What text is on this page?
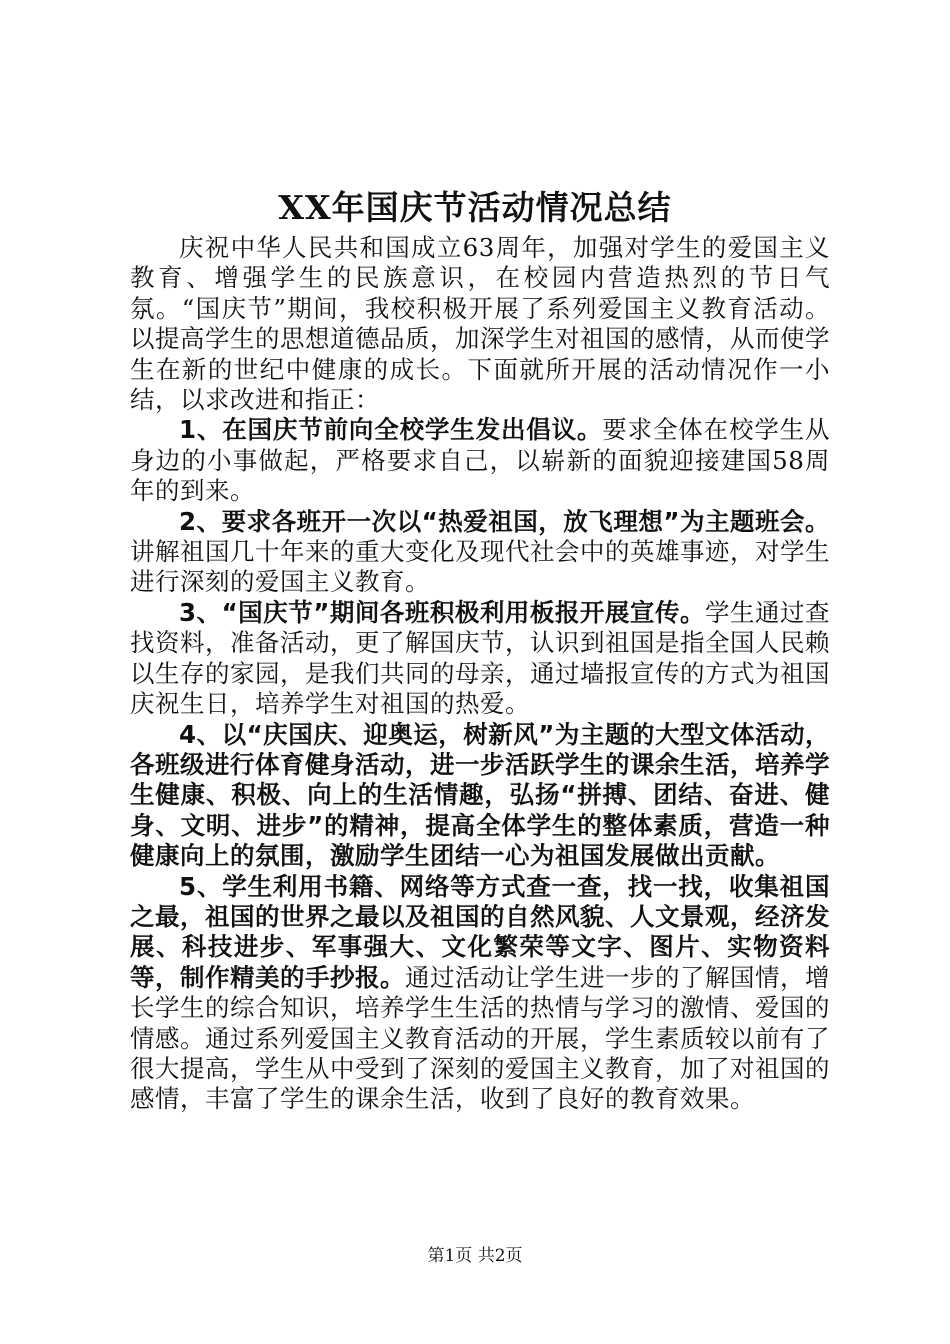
XX年国庆节活动情况总结

庆祝中华人民共和国成立63周年，加强对学生的爱国主义教育、增强学生的民族意识，在校园内营造热烈的节日气氛。“国庆节”期间，我校积极开展了系列爱国主义教育活动。以提高学生的思想道德品质，加深学生对祖国的感情，从而使学生在新的世纪中健康的成长。下面就所开展的活动情况作一小结，以求改进和指正：

1、在国庆节前向全校学生发出倡议。要求全体在校学生从身边的小事做起，严格要求自己，以崭新的面貌迎接建国58周年的到来。

2、要求各班开一次以“热爱祖国，放飞理想”为主题班会。讲解祖国几十年来的重大变化及现代社会中的英雄事迹，对学生进行深刻的爱国主义教育。

3、“国庆节”期间各班积极利用板报开展宣传。学生通过查找资料，准备活动，更了解国庆节，认识到祖国是指全国人民赖以生存的家园，是我们共同的母亲，通过墙报宣传的方式为祖国庆祝生日，培养学生对祖国的热爱。

4、以“庆国庆、迎奥运，树新风”为主题的大型文体活动，各班级进行体育健身活动，进一步活跃学生的课余生活，培养学生健康、积极、向上的生活情趣，弘扬“拼搏、团结、奋进、健身、文明、进步”的精神，提高全体学生的整体素质，营造一种健康向上的氛围，激励学生团结一心为祖国发展做出贡献。

5、学生利用书籍、网络等方式查一查，找一找，收集祖国之最，祖国的世界之最以及祖国的自然风貌、人文景观，经济发展、科技进步、军事强大、文化繁荣等文字、图片、实物资料等，制作精美的手抄报。通过活动让学生进一步的了解国情，增长学生的综合知识，培养学生生活的热情与学习的激情、爱国的情感。通过系列爱国主义教育活动的开展，学生素质较以前有了很大提高，学生从中受到了深刻的爱国主义教育，加了对祖国的感情，丰富了学生的课余生活，收到了良好的教育效果。

第1页 共2页
